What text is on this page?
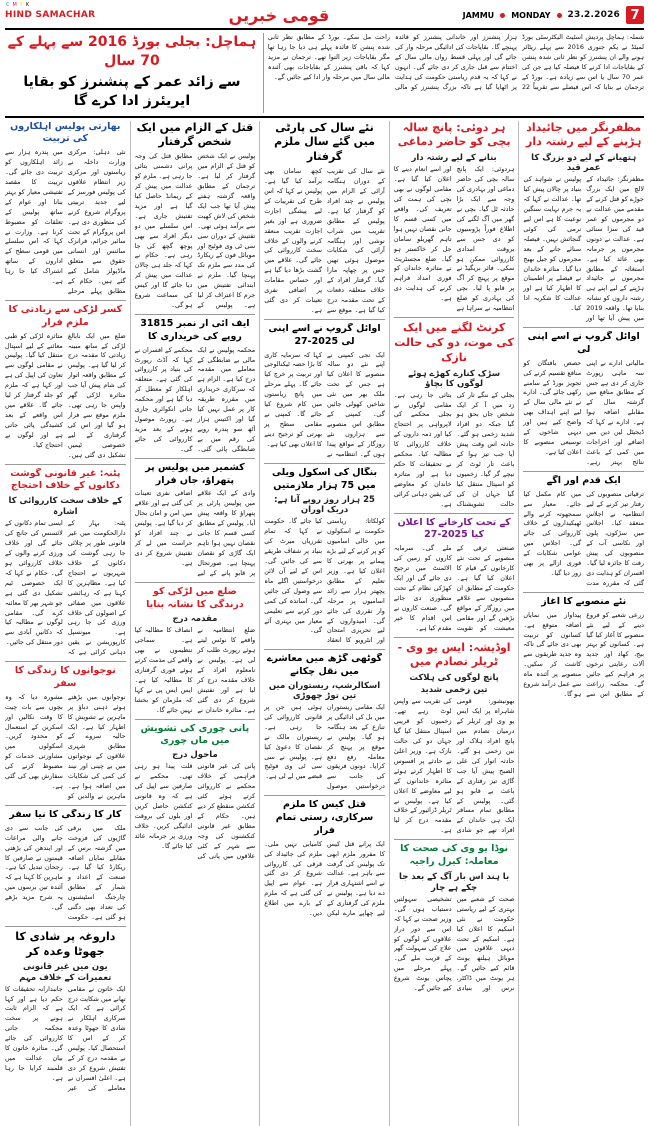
C M Y K
7
23.2.2026
MONDAY
JAMMU
قومی خبریں
HIND SAMACHAR
شملہ: ہماچل پردیش اسٹیٹ الیکٹرسٹی بورڈ لمیٹڈ نے یکم جنوری 2016 سے پہلے ریٹائر ہونے والے ان پنشنرز کو نظر ثانی شدہ پنشن کے بقایاجات ادا کرنے کا فیصلہ کیا ہے جن کی عمر 70 سال یا اس سے زیادہ ہے۔ بورڈ کے ترجمان نے بتایا کہ اس فیصلے سے تقریباً 22 ہزار پنشنرز اور خاندانی پنشنرز کو فائدہ پہنچے گا۔ بقایاجات کی ادائیگی مرحلہ وار کی جائے گی اور پہلی قسط رواں مالی سال کے اختتام سے قبل جاری کر دی جائے گی۔ انہوں نے کہا کہ یہ قدم ریاستی حکومت کی ہدایت پر اٹھایا گیا ہے تاکہ بزرگ پنشنرز کو مالی راحت مل سکے۔ بورڈ کے مطابق نظر ثانی شدہ پنشن کا فائدہ پہلے ہی دیا جا رہا تھا مگر بقایاجات زیر التوا تھے۔ ترجمان نے مزید کہا کہ باقی پنشنرز کے بقایاجات بھی آئندہ مالی سال میں مرحلہ وار ادا کیے جائیں گے۔
ہماچل: بجلی بورڈ 2016 سے پہلے کے 70 سال
سے زائد عمر کے پنشنرز کو بقایا ایریئرز ادا کرے گا
مظفرنگر میں جائیداد ہڑپنے کے لیے رشتہ دار
ہتھیانے کے لیے دو بزرگ کا عمر قید
مظفرنگر: جائیداد کے لالچ میں ایک بزرگ جوڑے کو قتل کرنے کے مقدمے میں عدالت نے دو مجرموں کو عمر قید کی سزا سنائی ہے۔ عدالت نے دونوں مجرموں پر جرمانہ بھی عائد کیا ہے۔ استغاثہ کے مطابق مجرموں نے جائیداد ہڑپنے کے لیے اپنے ہی رشتہ داروں کو نشانہ بنایا تھا۔ واقعہ 2019 میں پیش آیا تھا اور پولیس نے شواہد کی بنیاد پر چالان پیش کیا تھا۔ عدالت نے کہا کہ یہ جرم نہایت سنگین نوعیت کا ہے اس لیے نرمی کی کوئی گنجائش نہیں۔ فیصلہ سنائے جانے کے بعد مجرموں کو جیل بھیج دیا گیا۔ متاثرہ خاندان نے فیصلے پر اطمینان کا اظہار کیا ہے اور عدالت کا شکریہ ادا کیا۔
اوائل گروپ نے اسے اپنی لی
مالیاتی ادارے نے اپنی سہ ماہی رپورٹ جاری کر دی ہے جس کے مطابق منافع میں گزشتہ سال کے مقابلے اضافہ ہوا ہے۔ ادارے نے کہا کہ ڈیجیٹل لین دین میں اضافے اور اخراجات میں کمی کے باعث نتائج بہتر رہے۔ حصص یافتگان کو منافع تقسیم کرنے کی تجویز بورڈ کے سامنے رکھی جائے گی۔ ادارے نے نئے مالی سال کے لیے اپنے اہداف بھی واضح کیے ہیں اور دیہی شاخوں کے توسیعی منصوبے کا اعلان کیا ہے۔
ایک قدم اور آگے
ترقیاتی منصوبوں کی رفتار تیز کرنے کے لیے انتظامیہ نے اجلاس منعقد کیا۔ اجلاس میں سڑکوں، پلوں اور نکاسی آب کے منصوبوں کی پیش رفت کا جائزہ لیا گیا۔ افسران کو ہدایت دی گئی کہ مقررہ مدت میں کام مکمل کیا جائے۔ معیار سے سمجھوتہ کرنے والے ٹھیکیداروں کے خلاف کارروائی کی جائے گی۔ اجلاس میں عوامی شکایات کے فوری ازالے پر بھی زور دیا گیا۔
نئے منصوبے کا آغاز
زرعی شعبے کو فروغ دینے کے لیے نئے منصوبے کا آغاز کیا گیا ہے۔ کسانوں کو بہتر بیج، کھاد اور جدید آلات رعایتی نرخوں پر فراہم کیے جائیں گے۔ محکمہ زراعت کے مطابق اس سے پیداوار میں نمایاں اضافہ متوقع ہے۔ کسانوں کو تربیت بھی دی جائے گی تاکہ وہ جدید طریقوں سے کاشت کر سکیں۔ منصوبے پر آئندہ ماہ سے عمل درآمد شروع ہو گا۔
ہر دوئی: پانچ سالہ بچی کو حاضر دماغی
بنانے کے لیے رشتہ دار
ہردوئی: ایک پانچ سالہ بچی کی حاضر دماغی اور بہادری کی وجہ سے ایک بڑا حادثہ ٹل گیا۔ بچی نے گھر میں آگ لگنے کی اطلاع فوراً پڑوسیوں کو دی جس سے بروقت امدادی کارروائی ممکن ہو سکی۔ فائر بریگیڈ نے موقع پر پہنچ کر آگ پر قابو پا لیا۔ بچی کی بہادری کو ضلع انتظامیہ نے سراہا ہے اور اسے انعام دینے کا اعلان کیا گیا ہے۔ مقامی لوگوں نے بھی بچی کی ہمت کی تعریف کی۔ واقعے میں کسی قسم کا جانی نقصان نہیں ہوا تاہم گھریلو سامان جل کر خاکستر ہو گیا۔ ضلع مجسٹریٹ نے متاثرہ خاندان کو فوری امداد فراہم کرنے کی ہدایت دی ہے۔
کرنٹ لگنے میں ایک کی موت، دو کی حالت نازک
سڑک کنارے کھڑے ہوئے لوگوں کا بچاؤ
بجلی کے ننگے تار کی زد میں آ کر ایک شخص جاں بحق ہو گیا جبکہ دو افراد شدید زخمی ہو گئے۔ حادثہ اس وقت پیش آیا جب تیز ہوا کے باعث تار ٹوٹ کر نیچے گر گیا۔ زخمیوں کو اسپتال منتقل کیا گیا جہاں ان کی حالت تشویشناک بتائی جا رہی ہے۔ مقامی لوگوں نے بجلی محکمے کی لاپرواہی پر احتجاج کیا اور ذمہ داروں کے خلاف کارروائی کا مطالبہ کیا۔ محکمے نے تحقیقات کا حکم دیا ہے اور متاثرہ خاندان کو معاوضے کی یقین دہانی کرائی ہے۔
کے تحت کارخانے کا اعلان کیا 2025-27
صنعتی ترقی کے منصوبے کے تحت نئے کارخانوں کے قیام کا اعلان کیا گیا ہے۔ حکومت کے مطابق ان منصوبوں سے علاقے میں روزگار کے مواقع بڑھیں گے اور مقامی معیشت کو تقویت ملے گی۔ سرمایہ کاروں کو زمین کی الاٹمنٹ میں ترجیح دی جائے گی اور ایک کھڑکی نظام کے تحت منظوری دی جائے گی۔ صنعت کاروں نے اس اقدام کا خیر مقدم کیا ہے۔
اوڈیشہ: ایس یو وی - ٹریلر تصادم میں
پانچ لوگوں کی ہلاکت
تین زخمی شدید
بھونیشور: قومی شاہراہ پر ایک ایس یو وی اور ٹریلر کے درمیان تصادم میں پانچ افراد ہلاک اور تین زخمی ہو گئے۔ حادثہ اتوار کی علی الصبح پیش آیا جب گاڑی تیز رفتاری کے باعث بے قابو ہو گئی۔ پولیس کے مطابق تمام مسافر ایک ہی خاندان کے افراد تھے جو شادی کی تقریب سے واپس لوٹ رہے تھے۔ زخمیوں کو قریبی اسپتال منتقل کیا گیا جہاں دو کی حالت نازک ہے۔ وزیر اعلیٰ نے حادثے پر افسوس کا اظہار کرتے ہوئے متاثرہ خاندانوں کے لیے معاوضے کا اعلان کیا ہے۔ پولیس نے ٹریلر ڈرائیور کے خلاف مقدمہ درج کر لیا ہے۔
نوڈا یو وی کی صحت کا معاملہ: کیرل راجیہ
با ہند اس بار آگ کے بعد جا چکے ہے چار
صحت کے شعبے میں بہتری کے لیے ریاستی حکومت نے نئی اسکیم کا اعلان کیا ہے۔ اسکیم کے تحت دیہی علاقوں میں موبائل ہیلتھ یونٹ قائم کیے جائیں گے۔ ہر یونٹ میں ڈاکٹر، نرس اور بنیادی تشخیصی سہولتیں دستیاب ہوں گی۔ وزیر صحت نے کہا کہ اس سے دور دراز علاقوں کے لوگوں کو علاج کی سہولت گھر کے قریب ملے گی۔ پہلے مرحلے میں پچاس یونٹ شروع کیے جائیں گے۔
نئے سال کی پارٹی میں گئے سال ملزم گرفتار
نئے سال کی تقریب کے دوران ہنگامہ آرائی کے الزام میں پولیس نے چند افراد کو گرفتار کیا ہے۔ پولیس کے مطابق تقریب میں شراب نوشی اور ہنگامہ آرائی کی شکایات موصول ہوئی تھیں جس پر چھاپہ مارا گیا۔ گرفتار افراد کے خلاف متعلقہ دفعات کے تحت مقدمہ درج کیا گیا ہے۔ موقع سے کچھ سامان بھی برآمد کیا گیا ہے۔ پولیس نے کہا کہ اس طرح کی تقریبات کے لیے پیشگی اجازت ضروری ہے اور بغیر اجازت تقریب منعقد کرنے والوں کے خلاف سخت کارروائی کی جائے گی۔ علاقے میں گشت بڑھا دیا گیا ہے اور حساس مقامات پر اضافی نفری تعینات کر دی گئی ہے۔
اوائل گروپ نے اسے اپنی لی 2025-27
ایک نجی کمپنی نے اپنے نئے دو سالہ منصوبے کا اعلان کیا ہے جس کے تحت ملک بھر میں نئی شاخیں کھولی جائیں گی۔ کمپنی کے مطابق اس منصوبے سے ہزاروں نئے روزگار کے مواقع پیدا ہوں گے۔ انتظامیہ نے کہا کہ سرمایہ کاری کا بڑا حصہ ٹیکنالوجی اور تربیت پر خرچ کیا جائے گا۔ پہلے مرحلے میں پانچ ریاستوں میں کام شروع کیا جائے گا۔ کمپنی نے مقامی سطح پر بھرتی کو ترجیح دینے کا اعلان بھی کیا ہے۔
بنگال کی اسکول ویلی میں 75 ہزار ملازمتیں
25 ہزار روز روپے آنا ہے: دریک اوران
کولکاتا: ریاستی حکومت نے اسکولوں میں خالی اسامیوں کو پر کرنے کے لیے بڑے پیمانے پر بھرتی کا اعلان کیا ہے۔ وزیر تعلیم کے مطابق پچھتر ہزار سے زائد اسامیوں پر مرحلہ وار تقرری کی جائے گی۔ امیدواروں کے لیے تحریری امتحان اور انٹرویو کا انعقاد کیا جائے گا۔ حکومت نے کہا کہ تمام تقرریاں میرٹ کی بنیاد پر شفاف طریقے سے کی جائیں گی۔ اس کے لیے آن لائن درخواستیں اگلے ماہ سے وصول کی جائیں گی۔ اساتذہ کی کمی دور کرنے سے تعلیمی معیار میں بہتری آئے گی۔
گوٹھی گڑھ میں معاشرے میں نقل چکانے
اسکالرشپ، ریستوران میں تین توڑ چھوڑی
ایک مقامی ریستوران میں بل کی ادائیگی پر تنازع کے بعد ہنگامہ ہو گیا۔ پولیس نے موقع پر پہنچ کر معاملہ رفع دفع کرایا۔ دونوں فریقوں کی جانب سے درخواستیں موصول ہوئی ہیں جن پر قانونی کارروائی کی جا رہی ہے۔ ریستوران مالک نے نقصان کا دعویٰ کیا ہے۔ پولیس نے سی سی ٹی وی فوٹیج قبضے میں لے لی ہے۔
قتل کیس کا ملزم سرکاری، رستی تمام فرار
ایک پرانے قتل کیس کا مفرور ملزم ابھی تک پولیس کی گرفت سے باہر ہے۔ عدالت نے اسے اشتہاری قرار دے دیا ہے۔ پولیس نے ملزم کی گرفتاری کے لیے چھاپے مارے لیکن کامیابی نہیں ملی۔ ملزم کی جائیداد کی قرقی کی کارروائی شروع کر دی گئی ہے۔ عوام سے اپیل کی گئی ہے کہ ملزم کے بارے میں اطلاع دیں۔
قتل کے الزام میں ایک شخص گرفتار
پولیس نے ایک شخص کو قتل کے الزام میں گرفتار کر لیا ہے۔ ترجمان کے مطابق واقعہ گزشتہ ہفتے پیش آیا تھا جب ایک شخص کی لاش کھیت سے برآمد ہوئی تھی۔ تفتیش کے دوران سی سی ٹی وی فوٹیج اور موبائل فون کے ریکارڈ کی مدد سے ملزم تک پہنچا گیا۔ ملزم نے ابتدائی تفتیش میں جرم کا اعتراف کر لیا ہے۔ پولیس کے مطابق قتل کی وجہ پرانی دشمنی بتائی جا رہی ہے۔ ملزم کو عدالت میں پیش کر کے ریمانڈ حاصل کیا گیا ہے اور مزید تفتیش جاری ہے۔ اس سلسلے میں دو دیگر افراد سے بھی پوچھ گچھ کی جا رہی ہے۔ حکام نے کہا کہ جلد ہی چالان عدالت میں پیش کر دیا جائے گا اور کیس کی سماعت شروع ہو گی۔
ایف آئی آر نمبر 31815 روپے کی خریداری کا
محکمہ پولیس نے ایک مالی بے ضابطگی کے معاملے میں مقدمہ درج کیا ہے۔ الزام ہے کہ سرکاری خریداری میں مقررہ طریقہ کار پر عمل نہیں کیا گیا اور اکتیس ہزار آٹھ سو پندرہ روپے کی رقم میں بے ضابطگی پائی گئی۔ محکمے کے افسران نے کہا کہ آڈٹ رپورٹ کی بنیاد پر کارروائی کی گئی ہے۔ متعلقہ اہلکار کو معطل کر دیا گیا ہے اور محکمہ جاتی انکوائری جاری ہے۔ رپورٹ موصول ہونے کے بعد مزید کارروائی کی جائے گی۔
کشمیر میں پولیس پر پتھراؤ، جاں فرار
وادی کے ایک علاقے میں پولیس پارٹی پر پتھراؤ کا واقعہ پیش آیا۔ پولیس کے مطابق کسی قسم کا جانی نقصان نہیں ہوا تاہم ایک گاڑی کو نقصان پہنچا ہے۔ صورتحال پر قابو پانے کے لیے اضافی نفری تعینات کی گئی ہے اور علاقے میں امن و امان بحال کر دیا گیا ہے۔ پولیس نے چند افراد کو حراست میں لے کر تفتیش شروع کر دی ہے۔
ضلع میں لڑکی کو درندگی کا نشانہ بنایا
مقدمہ درج
ضلع انتظامیہ نے واقعے کا نوٹس لیتے ہوئے رپورٹ طلب کر لی ہے۔ پولیس نے نامعلوم افراد کے خلاف مقدمہ درج کر لیا ہے اور تفتیش شروع کر دی گئی ہے۔ متاثرہ خاندان نے انصاف کا مطالبہ کیا ہے۔ سماجی تنظیموں نے بھی واقعے کی مذمت کرتے ہوئے فوری گرفتاری کا مطالبہ کیا ہے۔ ایس ایس پی نے کہا کہ ملزمان کو بخشا نہیں جائے گا۔
پانی چوری کی تشویش میں ماں چوری
ماحول درج
پانی کی غیر قانونی فراہمی کے خلاف محکمے نے کارروائی کرتے ہوئے کئی کنکشن منقطع کر دیے ہیں۔ حکام کے مطابق غیر قانونی کنکشنوں کی وجہ سے شہر کے کئی علاقوں میں پانی کی قلت پیدا ہو رہی تھی۔ محکمے نے صارفین سے اپیل کی ہے کہ وہ قانونی کنکشن حاصل کریں اور بلوں کی بروقت ادائیگی کریں۔ خلاف ورزی پر جرمانہ عائد کیا جائے گا۔
بھارتی پولیس اہلکاروں کی تربیت
نئی دہلی: مرکزی وزارت داخلہ نے ریاستوں اور مرکزی زیر انتظام علاقوں کی پولیس فورسز کے لیے جدید تربیتی پروگرام شروع کرنے کی منظوری دی ہے۔ اس پروگرام کے تحت سائبر جرائم، فرانزک سائنس اور انسانی حقوق سے متعلق ماڈیولز شامل کیے گئے ہیں۔ حکام کے مطابق پہلے مرحلے میں پندرہ ہزار سے زائد اہلکاروں کو تربیت دی جائے گی۔ تربیت کا مقصد تفتیشی معیار کو بہتر بنانا اور عوام کے ساتھ پولیس کے تعلقات کو مضبوط کرنا ہے۔ وزارت نے کہا کہ اس سلسلے میں قومی سطح کے اداروں کے ساتھ اشتراک کیا جا رہا ہے۔
کسر لڑکی سے زیادتی کا ملزم فرار
ضلع میں ایک نابالغ لڑکی کے ساتھ مبینہ زیادتی کا مقدمہ درج کر لیا گیا ہے۔ پولیس کے مطابق واقعہ اتوار کی شام پیش آیا جب متاثرہ لڑکی گھر واپس جا رہی تھی۔ ملزم موقع سے فرار ہو گیا اور اس کی گرفتاری کے لیے خصوصی ٹیمیں تشکیل دی گئی ہیں۔ متاثرہ لڑکی کو طبی معائنے کے لیے اسپتال منتقل کیا گیا۔ پولیس نے مقامی لوگوں سے تعاون کی اپیل کی ہے اور کہا ہے کہ ملزم کو جلد گرفتار کر لیا جائے گا۔ علاقے میں اس واقعے کے بعد کشیدگی پائی جاتی ہے اور لوگوں نے احتجاج کیا۔
پٹنہ: غیر قانونی گوشت دکانوں کے خلاف احتجاج
کے خلاف سخت کارروائی کا اشارہ
پٹنہ: بہار کے دارالحکومت میں غیر قانونی طور پر چلائی جا رہی گوشت کی دکانوں کے خلاف شہریوں نے احتجاج کیا ہے۔ مظاہرین کا کہنا ہے کہ رہائشی علاقوں میں صفائی کے اصولوں کی خلاف ورزی کی جا رہی ہے۔ میونسپل کارپوریشن نے یقین دہانی کرائی ہے کہ ایسی تمام دکانوں کے لائسنس کی جانچ کی جائے گی اور خلاف ورزی کرنے والوں کے خلاف کارروائی ہو گی۔ حکام نے کہا کہ ایک خصوصی ٹیم تشکیل دی گئی ہے جو شہر بھر کا معائنہ کرے گی۔ مقامی لوگوں نے مطالبہ کیا کہ دکانیں آبادی سے دور منتقل کی جائیں۔
نوجوانوں کا زندگی کا سفر
نوجوانوں میں بڑھتے ہوئے ذہنی دباؤ پر ماہرین نے تشویش کا اظہار کیا ہے۔ ایک حالیہ سروے کے مطابق شہری علاقوں کے نوجوانوں میں بے چینی اور نیند کی کمی کی شکایات میں اضافہ ہوا ہے۔ ماہرین نے والدین کو مشورہ دیا کہ وہ بچوں سے بات چیت کا وقت نکالیں اور اسکرین کے استعمال کو محدود کریں۔ اسکولوں میں مشاورتی خدمات کو مضبوط کرنے کی سفارش بھی کی گئی ہے۔
کار کا زندگی کا نیا سفر
ملک میں برقی گاڑیوں کی فروخت میں گزشتہ برس کے مقابلے نمایاں اضافہ ریکارڈ کیا گیا ہے۔ صنعت کے اعداد و شمار کے مطابق چارجنگ اسٹیشنوں کی تعداد بھی دگنی ہو گئی ہے۔ حکومت کی جانب سے دی جانے والی مراعات اور ایندھن کی بڑھتی قیمتوں نے صارفین کا رجحان تبدیل کیا ہے۔ ماہرین کا کہنا ہے کہ آئندہ تین برسوں میں یہ شرح مزید بڑھے گی۔
داروغہ پر شادی کا جھوٹا وعدہ کر
یون میں غیر قانونی تعمیرات کے خلاف مہم
ایک خاتون نے مقامی تھانے میں شکایت درج کرائی ہے کہ ایک سرکاری اہلکار نے شادی کا جھوٹا وعدہ کر کے اس کا استحصال کیا۔ پولیس نے مقدمہ درج کر کے تفتیش شروع کر دی ہے۔ اعلیٰ افسران نے معاملے کی غیر جانبدارانہ تحقیقات کا حکم دیا ہے اور کہا ہے کہ الزام ثابت ہونے پر سخت محکمہ جاتی کارروائی کی جائے گی۔ متاثرہ خاتون کا بیان عدالت میں قلمبند کرایا جا رہا ہے۔
